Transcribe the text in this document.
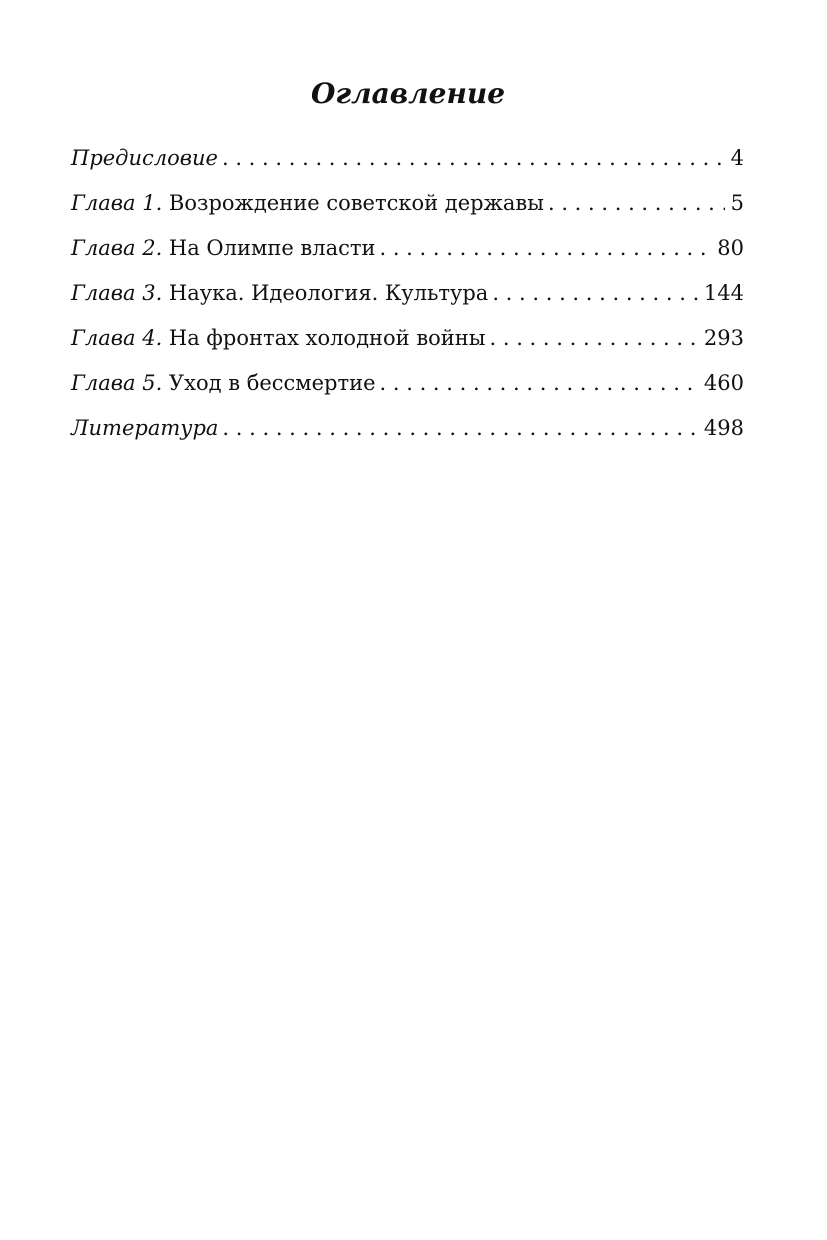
Оглавление
Предисловие . . .	4
Глава 1. Возрождение советской державы . . .	5
Глава 2. На Олимпе власти . . .	80
Глава 3. Наука. Идеология. Культура . . .	144
Глава 4. На фронтах холодной войны . . .	293
Глава 5. Уход в бессмертие . . .	460
Литература . . .	498
